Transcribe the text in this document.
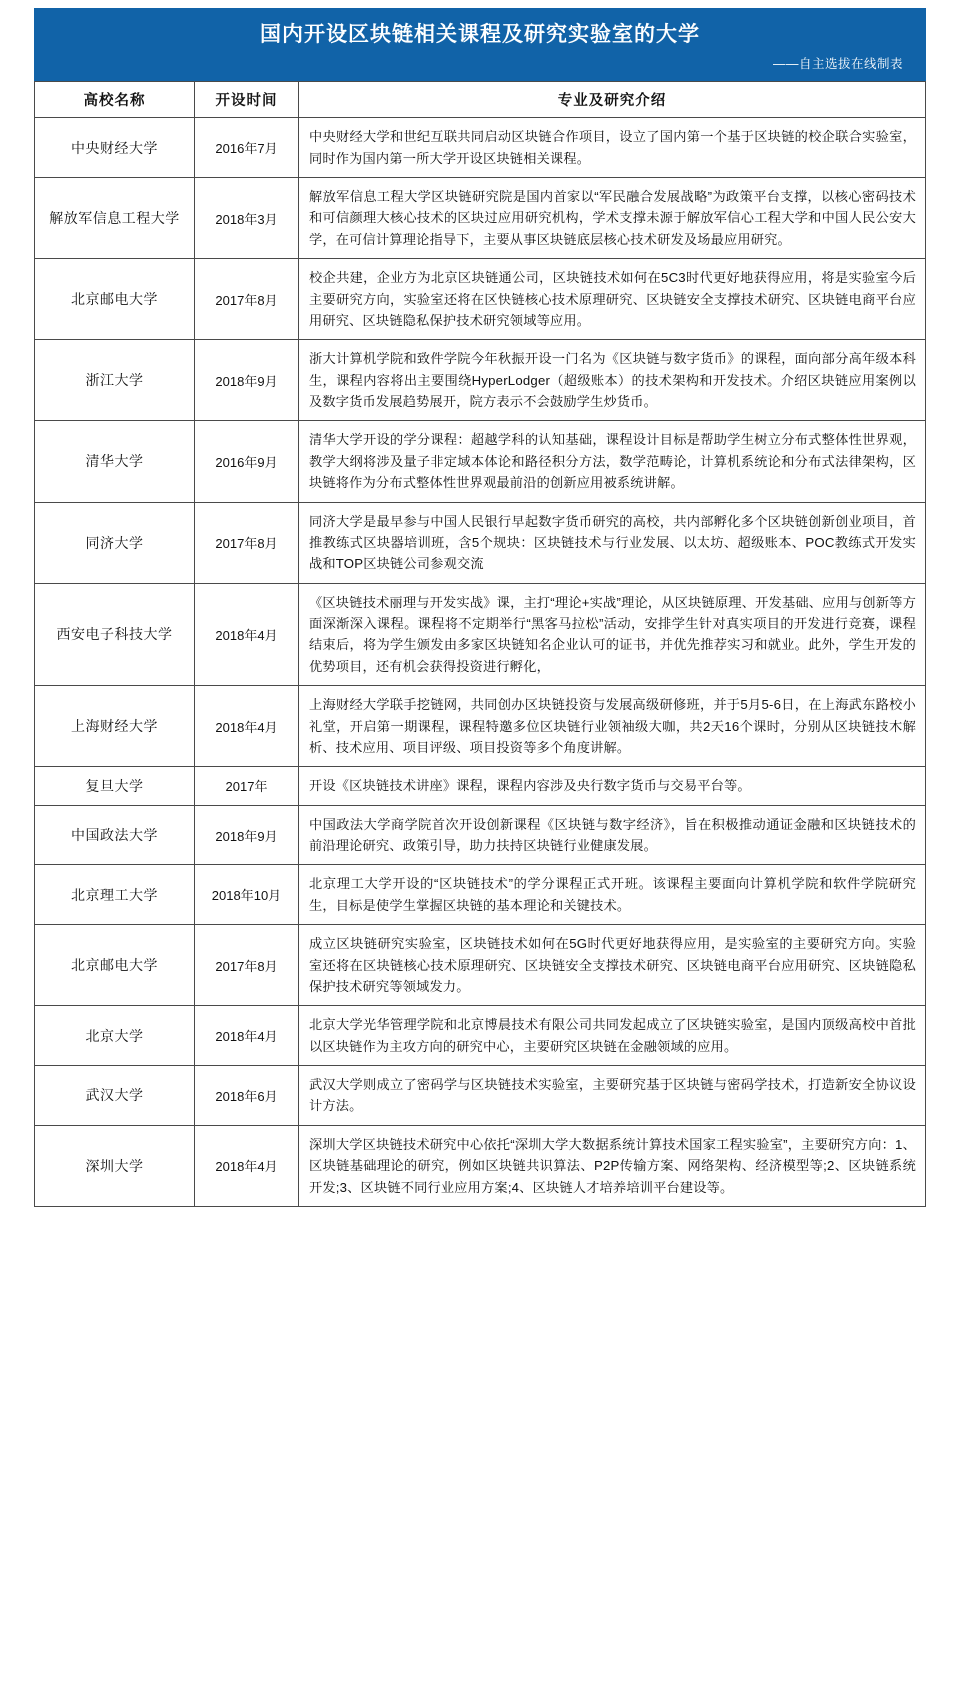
国内开设区块链相关课程及研究实验室的大学
——自主选拔在线制表
高校名称	开设时间	专业及研究介绍
中央财经大学	2016年7月	中央财经大学和世纪互联共同启动区块链合作项目，设立了国内第一个基于区块链的校企联合实验室，同时作为国内第一所大学开设区块链相关课程。
解放军信息工程大学	2018年3月	解放军信息工程大学区块链研究院是国内首家以“军民融合发展战略”为政策平台支撑，以核心密码技术和可信颜理大核心技术的区块过应用研究机构，学术支撑未源于解放军信心工程大学和中国人民公安大学，在可信计算理论指导下，主要从事区块链底层核心技术研发及场最应用研究。
北京邮电大学	2017年8月	校企共建，企业方为北京区块链通公司，区块链技术如何在5C3时代更好地获得应用，将是实验室今后主要研究方向，实验室还将在区快链核心技术原理研究、区块链安全支撑技术研究、区块链电商平台应用研究、区块链隐私保护技术研究领域等应用。
浙江大学	2018年9月	浙大计算机学院和致件学院今年秋振开设一门名为《区块链与数字货币》的课程，面向部分高年级本科生，课程内容将出主要围绕HyperLodger（超级账本）的技术架构和开发技术。介绍区块链应用案例以及数字货币发展趋势展开，院方表示不会鼓励学生炒货币。
清华大学	2016年9月	清华大学开设的学分课程：超越学科的认知基础，课程设计目标是帮助学生树立分布式整体性世界观，教学大纲将涉及量子非定域本体论和路径积分方法，数学范畴论，计算机系统论和分布式法律架构，区块链将作为分布式整体性世界观最前沿的创新应用被系统讲解。
同济大学	2017年8月	同济大学是最早参与中国人民银行早起数字货币研究的高校，共内部孵化多个区块链创新创业项目，首推教练式区块器培训班，含5个规块：区块链技术与行业发展、以太坊、超级账本、POC教练式开发实战和TOP区块链公司参观交流
西安电子科技大学	2018年4月	《区块链技术丽理与开发实战》课，主打“理论+实战”理论，从区块链原理、开发基础、应用与创新等方面深渐深入课程。课程将不定期举行“黑客马拉松”活动，安排学生针对真实项目的开发进行竞赛，课程结束后，将为学生颁发由多家区块链知名企业认可的证书，并优先推荐实习和就业。此外，学生开发的优势项目，还有机会获得投资进行孵化，
上海财经大学	2018年4月	上海财经大学联手挖链网，共同创办区块链投资与发展高级研修班，并于5月5-6日，在上海武东路校小礼堂，开启第一期课程，课程特邀多位区块链行业领袖级大咖，共2天16个课时，分别从区块链技木解析、技术应用、项目评级、项目投资等多个角度讲解。
复旦大学	2017年	开设《区块链技术讲座》课程，课程内容涉及央行数字货币与交易平台等。
中国政法大学	2018年9月	中国政法大学商学院首次开设创新课程《区块链与数字经济》，旨在积极推动通证金融和区块链技术的前沿理论研究、政策引导，助力扶持区块链行业健康发展。
北京理工大学	2018年10月	北京理工大学开设的“区块链技术”的学分课程正式开班。该课程主要面向计算机学院和软件学院研究生，目标是使学生掌握区块链的基本理论和关键技术。
北京邮电大学	2017年8月	成立区块链研究实验室，区块链技术如何在5G时代更好地获得应用，是实验室的主要研究方向。实验室还将在区块链核心技术原理研究、区块链安全支撑技术研究、区块链电商平台应用研究、区块链隐私保护技术研究等领域发力。
北京大学	2018年4月	北京大学光华管理学院和北京博晨技术有限公司共同发起成立了区块链实验室，是国内顶级高校中首批以区块链作为主攻方向的研究中心，主要研究区块链在金融领域的应用。
武汉大学	2018年6月	武汉大学则成立了密码学与区块链技术实验室，主要研究基于区块链与密码学技术，打造新安全协议设计方法。
深圳大学	2018年4月	深圳大学区块链技术研究中心依托“深圳大学大数据系统计算技术国家工程实验室”，主要研究方向：1、区块链基础理论的研究，例如区块链共识算法、P2P传输方案、网络架构、经济模型等;2、区块链系统开发;3、区块链不同行业应用方案;4、区块链人才培养培训平台建设等。
